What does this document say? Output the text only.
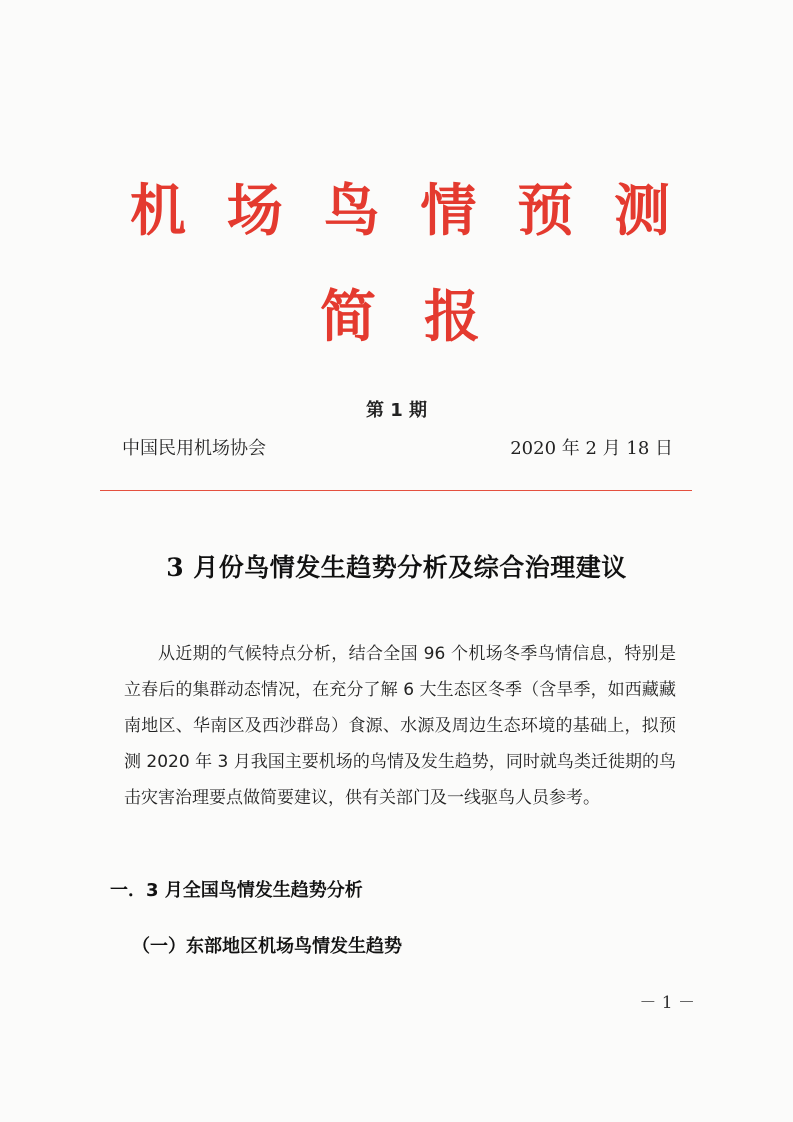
机 场 鸟 情 预 测
简 报
第 1 期
中国民用机场协会	2020 年 2 月 18 日
3 月份鸟情发生趋势分析及综合治理建议

从近期的气候特点分析，结合全国 96 个机场冬季鸟情信息，特别是立春后的集群动态情况，在充分了解 6 大生态区冬季（含旱季，如西藏藏南地区、华南区及西沙群岛）食源、水源及周边生态环境的基础上，拟预测 2020 年 3 月我国主要机场的鸟情及发生趋势，同时就鸟类迁徙期的鸟击灾害治理要点做简要建议，供有关部门及一线驱鸟人员参考。

一．3 月全国鸟情发生趋势分析
（一）东部地区机场鸟情发生趋势
－ 1 －
